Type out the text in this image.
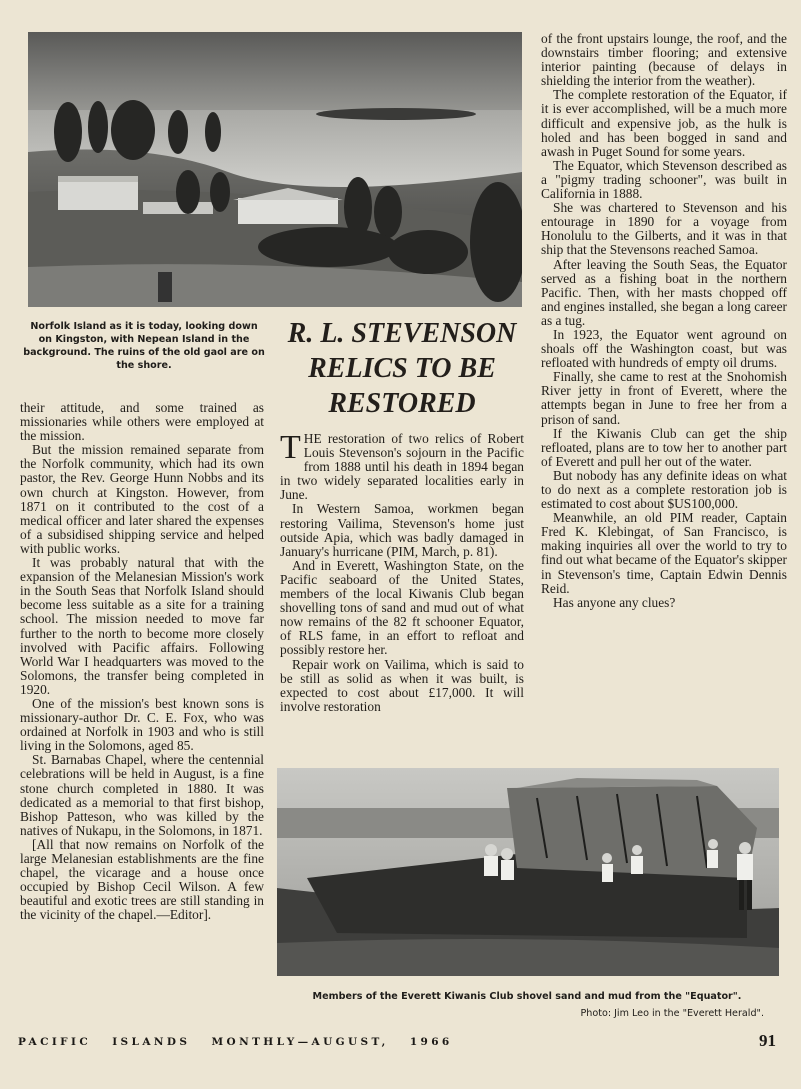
Norfolk Island as it is today, looking down on Kingston, with Nepean Island in the background. The ruins of the old gaol are on the shore.
R. L. STEVENSON
RELICS TO BE
RESTORED

their attitude, and some trained as missionaries while others were employed at the mission.

But the mission remained separate from the Norfolk community, which had its own pastor, the Rev. George Hunn Nobbs and its own church at Kingston. However, from 1871 on it contributed to the cost of a medical officer and later shared the expenses of a subsidised shipping service and helped with public works.

It was probably natural that with the expansion of the Melanesian Mission's work in the South Seas that Norfolk Island should become less suitable as a site for a training school. The mission needed to move far further to the north to become more closely involved with Pacific affairs. Following World War I headquarters was moved to the Solomons, the transfer being completed in 1920.

One of the mission's best known sons is missionary-author Dr. C. E. Fox, who was ordained at Norfolk in 1903 and who is still living in the Solomons, aged 85.

St. Barnabas Chapel, where the centennial celebrations will be held in August, is a fine stone church completed in 1880. It was dedicated as a memorial to that first bishop, Bishop Patteson, who was killed by the natives of Nukapu, in the Solomons, in 1871.

[All that now remains on Norfolk of the large Melanesian establishments are the fine chapel, the vicarage and a house once occupied by Bishop Cecil Wilson. A few beautiful and exotic trees are still standing in the vicinity of the chapel.—Editor].

THE restoration of two relics of Robert Louis Stevenson's sojourn in the Pacific from 1888 until his death in 1894 began in two widely separated localities early in June.

In Western Samoa, workmen began restoring Vailima, Stevenson's home just outside Apia, which was badly damaged in January's hurricane (PIM, March, p. 81).

And in Everett, Washington State, on the Pacific seaboard of the United States, members of the local Kiwanis Club began shovelling tons of sand and mud out of what now remains of the 82 ft schooner Equator, of RLS fame, in an effort to refloat and possibly restore her.

Repair work on Vailima, which is said to be still as solid as when it was built, is expected to cost about £17,000. It will involve restoration

of the front upstairs lounge, the roof, and the downstairs timber flooring; and extensive interior painting (because of delays in shielding the interior from the weather).

The complete restoration of the Equator, if it is ever accomplished, will be a much more difficult and expensive job, as the hulk is holed and has been bogged in sand and awash in Puget Sound for some years.

The Equator, which Stevenson described as a "pigmy trading schooner", was built in California in 1888.

She was chartered to Stevenson and his entourage in 1890 for a voyage from Honolulu to the Gilberts, and it was in that ship that the Stevensons reached Samoa.

After leaving the South Seas, the Equator served as a fishing boat in the northern Pacific. Then, with her masts chopped off and engines installed, she began a long career as a tug.

In 1923, the Equator went aground on shoals off the Washington coast, but was refloated with hundreds of empty oil drums.

Finally, she came to rest at the Snohomish River jetty in front of Everett, where the attempts began in June to free her from a prison of sand.

If the Kiwanis Club can get the ship refloated, plans are to tow her to another part of Everett and pull her out of the water.

But nobody has any definite ideas on what to do next as a complete restoration job is estimated to cost about $US100,000.

Meanwhile, an old PIM reader, Captain Fred K. Klebingat, of San Francisco, is making inquiries all over the world to try to find out what became of the Equator's skipper in Stevenson's time, Captain Edwin Dennis Reid.

Has anyone any clues?

Members of the Everett Kiwanis Club shovel sand and mud from the "Equator".
Photo: Jim Leo in the "Everett Herald".
PACIFIC   ISLANDS   MONTHLY—AUGUST,   1966	91
